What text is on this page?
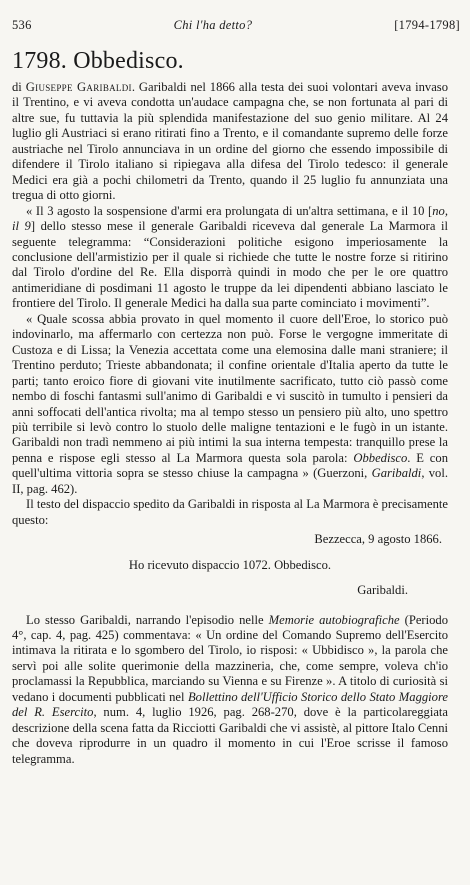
536	Chi l'ha detto?	[1794-1798]
1798. Obbedisco.

di Giuseppe Garibaldi. Garibaldi nel 1866 alla testa dei suoi volontari aveva invaso il Trentino, e vi aveva condotta un'audace campagna che, se non fortunata al pari di altre sue, fu tuttavia la più splendida manifestazione del suo genio militare. Al 24 luglio gli Austriaci si erano ritirati fino a Trento, e il comandante supremo delle forze austriache nel Tirolo annunciava in un ordine del giorno che essendo impossibile di difendere il Tirolo italiano si ripiegava alla difesa del Tirolo tedesco: il generale Medici era già a pochi chilometri da Trento, quando il 25 luglio fu annunziata una tregua di otto giorni.

« Il 3 agosto la sospensione d'armi era prolungata di un'altra settimana, e il 10 [no, il 9] dello stesso mese il generale Garibaldi riceveva dal generale La Marmora il seguente telegramma: “Considerazioni politiche esigono imperiosamente la conclusione dell'armistizio per il quale si richiede che tutte le nostre forze si ritirino dal Tirolo d'ordine del Re. Ella disporrà quindi in modo che per le ore quattro antimeridiane di posdimani 11 agosto le truppe da lei dipendenti abbiano lasciato le frontiere del Tirolo. Il generale Medici ha dalla sua parte cominciato i movimenti”.

« Quale scossa abbia provato in quel momento il cuore dell'Eroe, lo storico può indovinarlo, ma affermarlo con certezza non può. Forse le vergogne immeritate di Custoza e di Lissa; la Venezia accettata come una elemosina dalle mani straniere; il Trentino perduto; Trieste abbandonata; il confine orientale d'Italia aperto da tutte le parti; tanto eroico fiore di giovani vite inutilmente sacrificato, tutto ciò passò come nembo di foschi fantasmi sull'animo di Garibaldi e vi suscitò in tumulto i pensieri da anni soffocati dell'antica rivolta; ma al tempo stesso un pensiero più alto, uno spettro più terribile si levò contro lo stuolo delle maligne tentazioni e le fugò in un istante. Garibaldi non tradì nemmeno ai più intimi la sua interna tempesta: tranquillo prese la penna e rispose egli stesso al La Marmora questa sola parola: Obbedisco. E con quell'ultima vittoria sopra se stesso chiuse la campagna » (Guerzoni, Garibaldi, vol. II, pag. 462).

Il testo del dispaccio spedito da Garibaldi in risposta al La Marmora è precisamente questo:

Bezzecca, 9 agosto 1866.
Ho ricevuto dispaccio 1072. Obbedisco.
Garibaldi.

Lo stesso Garibaldi, narrando l'episodio nelle Memorie autobiografiche (Periodo 4°, cap. 4, pag. 425) commentava: « Un ordine del Comando Supremo dell'Esercito intimava la ritirata e lo sgombero del Tirolo, io risposi: « Ubbidisco », la parola che servì poi alle solite querimonie della mazzineria, che, come sempre, voleva ch'io proclamassi la Repubblica, marciando su Vienna e su Firenze ». A titolo di curiosità si vedano i documenti pubblicati nel Bollettino dell'Ufficio Storico dello Stato Maggiore del R. Esercito, num. 4, luglio 1926, pag. 268-270, dove è la particolareggiata descrizione della scena fatta da Ricciotti Garibaldi che vi assistè, al pittore Italo Cenni che doveva riprodurre in un quadro il momento in cui l'Eroe scrisse il famoso telegramma.
